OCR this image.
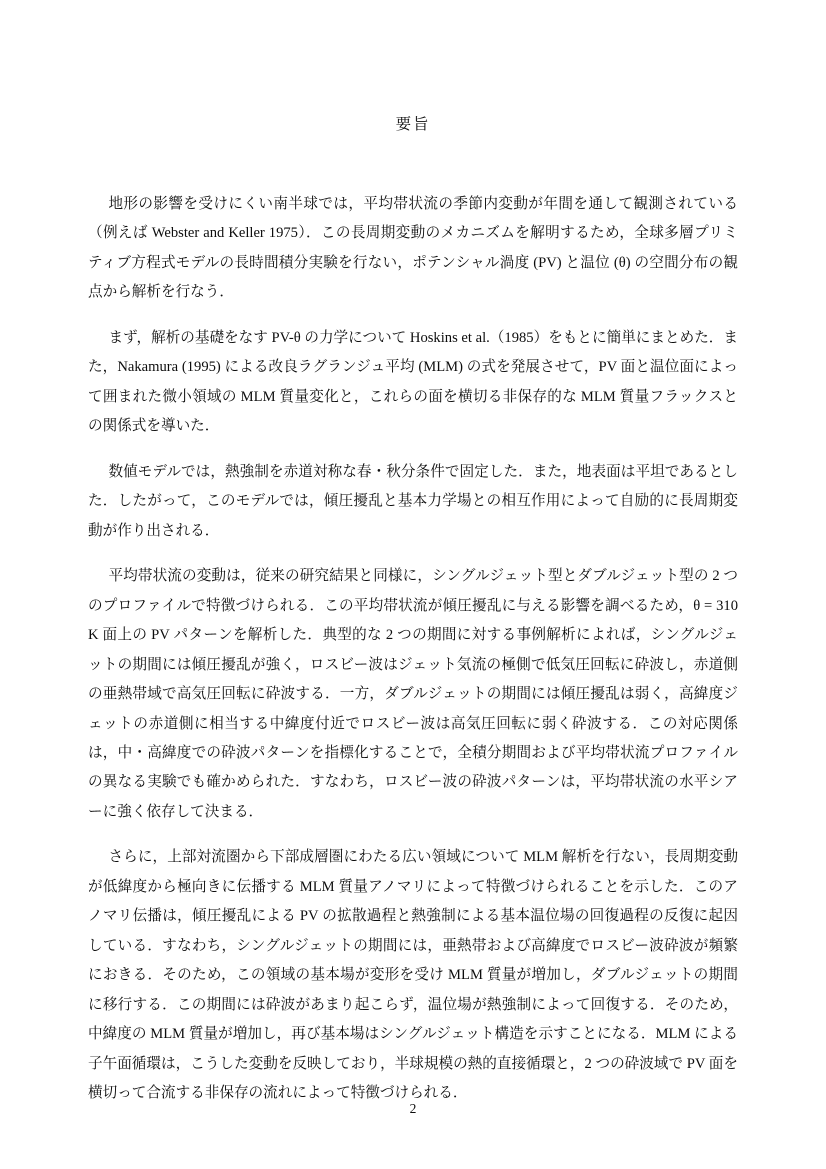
要旨

地形の影響を受けにくい南半球では，平均帯状流の季節内変動が年間を通して観測されている（例えば Webster and Keller 1975）．この長周期変動のメカニズムを解明するため，全球多層プリミティブ方程式モデルの長時間積分実験を行ない，ポテンシャル渦度 (PV) と温位 (θ) の空間分布の観点から解析を行なう．

まず，解析の基礎をなす PV-θ の力学について Hoskins et al.（1985）をもとに簡単にまとめた．また，Nakamura (1995) による改良ラグランジュ平均 (MLM) の式を発展させて，PV 面と温位面によって囲まれた微小領域の MLM 質量変化と，これらの面を横切る非保存的な MLM 質量フラックスとの関係式を導いた．

数値モデルでは，熱強制を赤道対称な春・秋分条件で固定した．また，地表面は平坦であるとした．したがって，このモデルでは，傾圧擾乱と基本力学場との相互作用によって自励的に長周期変動が作り出される．

平均帯状流の変動は，従来の研究結果と同様に，シングルジェット型とダブルジェット型の 2 つのプロファイルで特徴づけられる．この平均帯状流が傾圧擾乱に与える影響を調べるため，θ = 310 K 面上の PV パターンを解析した．典型的な 2 つの期間に対する事例解析によれば，シングルジェットの期間には傾圧擾乱が強く，ロスビー波はジェット気流の極側で低気圧回転に砕波し，赤道側の亜熱帯域で高気圧回転に砕波する．一方，ダブルジェットの期間には傾圧擾乱は弱く，高緯度ジェットの赤道側に相当する中緯度付近でロスビー波は高気圧回転に弱く砕波する．この対応関係は，中・高緯度での砕波パターンを指標化することで，全積分期間および平均帯状流プロファイルの異なる実験でも確かめられた．すなわち，ロスビー波の砕波パターンは，平均帯状流の水平シアーに強く依存して決まる．

さらに，上部対流圏から下部成層圏にわたる広い領域について MLM 解析を行ない，長周期変動が低緯度から極向きに伝播する MLM 質量アノマリによって特徴づけられることを示した．このアノマリ伝播は，傾圧擾乱による PV の拡散過程と熱強制による基本温位場の回復過程の反復に起因している．すなわち，シングルジェットの期間には，亜熱帯および高緯度でロスビー波砕波が頻繁におきる．そのため，この領域の基本場が変形を受け MLM 質量が増加し，ダブルジェットの期間に移行する．この期間には砕波があまり起こらず，温位場が熱強制によって回復する．そのため，中緯度の MLM 質量が増加し，再び基本場はシングルジェット構造を示すことになる．MLM による子午面循環は，こうした変動を反映しており，半球規模の熱的直接循環と，2 つの砕波域で PV 面を横切って合流する非保存の流れによって特徴づけられる．

2
